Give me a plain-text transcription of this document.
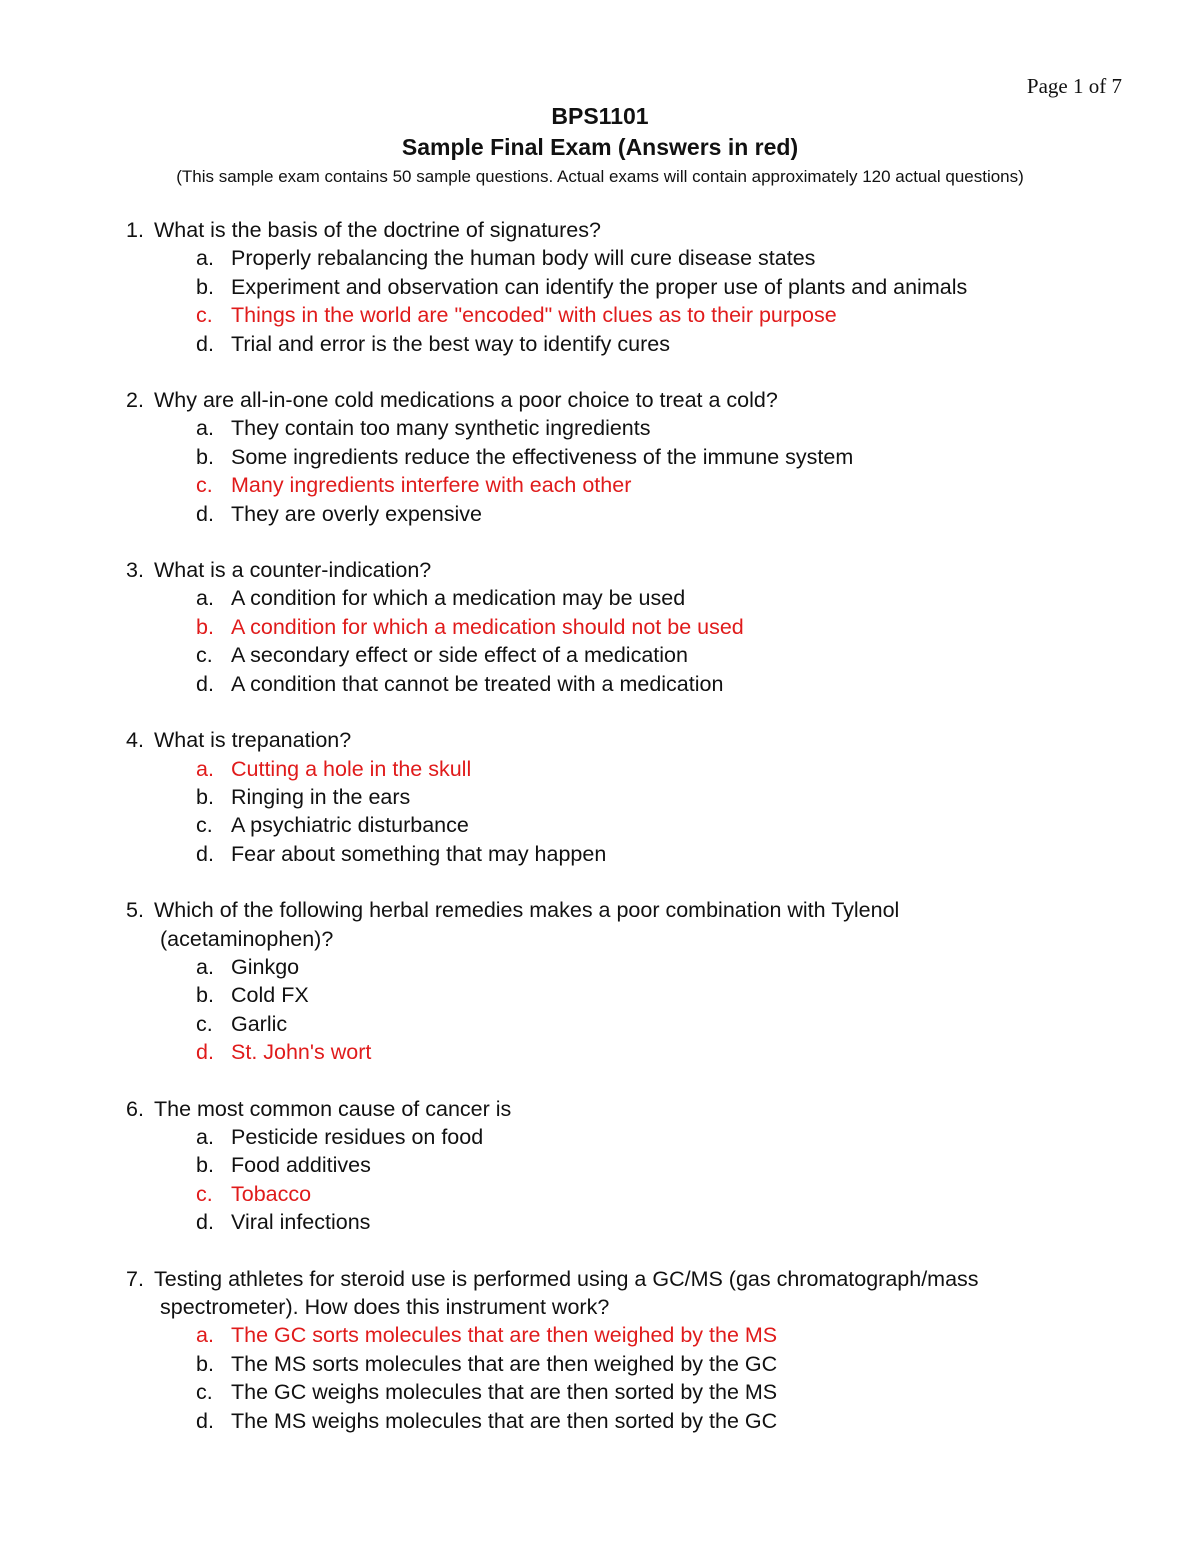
Page 1 of 7
BPS1101
Sample Final Exam (Answers in red)
(This sample exam contains 50 sample questions. Actual exams will contain approximately 120 actual questions)
1. What is the basis of the doctrine of signatures?
a. Properly rebalancing the human body will cure disease states
b. Experiment and observation can identify the proper use of plants and animals
c. Things in the world are "encoded" with clues as to their purpose
d. Trial and error is the best way to identify cures
2. Why are all-in-one cold medications a poor choice to treat a cold?
a. They contain too many synthetic ingredients
b. Some ingredients reduce the effectiveness of the immune system
c. Many ingredients interfere with each other
d. They are overly expensive
3. What is a counter-indication?
a. A condition for which a medication may be used
b. A condition for which a medication should not be used
c. A secondary effect or side effect of a medication
d. A condition that cannot be treated with a medication
4. What is trepanation?
a. Cutting a hole in the skull
b. Ringing in the ears
c. A psychiatric disturbance
d. Fear about something that may happen
5. Which of the following herbal remedies makes a poor combination with Tylenol
(acetaminophen)?
a. Ginkgo
b. Cold FX
c. Garlic
d. St. John's wort
6. The most common cause of cancer is
a. Pesticide residues on food
b. Food additives
c. Tobacco
d. Viral infections
7. Testing athletes for steroid use is performed using a GC/MS (gas chromatograph/mass
spectrometer). How does this instrument work?
a. The GC sorts molecules that are then weighed by the MS
b. The MS sorts molecules that are then weighed by the GC
c. The GC weighs molecules that are then sorted by the MS
d. The MS weighs molecules that are then sorted by the GC
